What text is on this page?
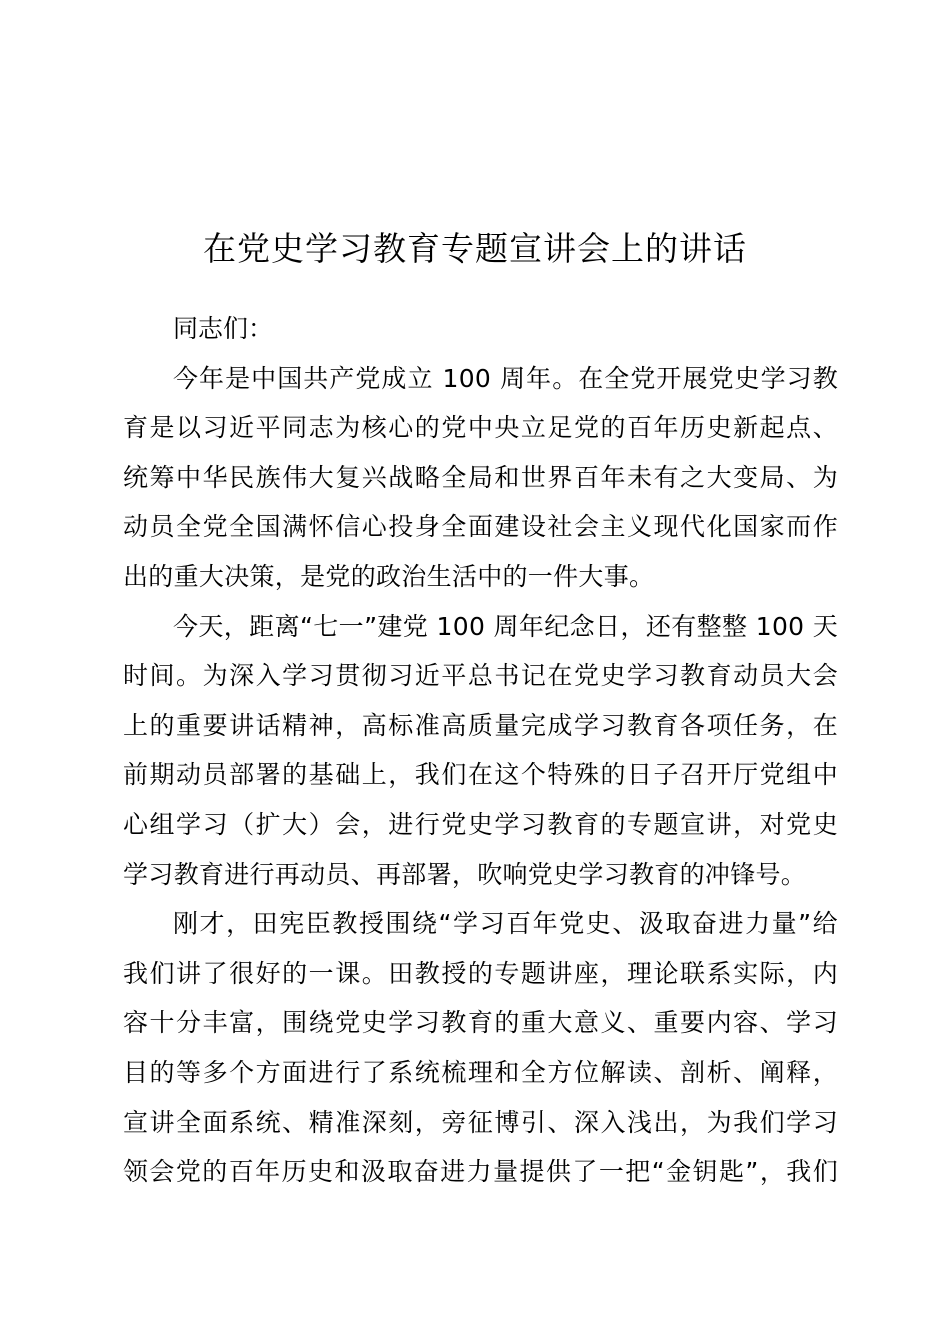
在党史学习教育专题宣讲会上的讲话

同志们：

今年是中国共产党成立 100 周年。在全党开展党史学习教
育是以习近平同志为核心的党中央立足党的百年历史新起点、
统筹中华民族伟大复兴战略全局和世界百年未有之大变局、为
动员全党全国满怀信心投身全面建设社会主义现代化国家而作
出的重大决策，是党的政治生活中的一件大事。
今天，距离“七一”建党 100 周年纪念日，还有整整 100 天
时间。为深入学习贯彻习近平总书记在党史学习教育动员大会
上的重要讲话精神，高标准高质量完成学习教育各项任务，在
前期动员部署的基础上，我们在这个特殊的日子召开厅党组中
心组学习（扩大）会，进行党史学习教育的专题宣讲，对党史
学习教育进行再动员、再部署，吹响党史学习教育的冲锋号。
刚才，田宪臣教授围绕“学习百年党史、汲取奋进力量”给
我们讲了很好的一课。田教授的专题讲座，理论联系实际，内
容十分丰富，围绕党史学习教育的重大意义、重要内容、学习
目的等多个方面进行了系统梳理和全方位解读、剖析、阐释，
宣讲全面系统、精准深刻，旁征博引、深入浅出，为我们学习
领会党的百年历史和汲取奋进力量提供了一把“金钥匙”，我们
